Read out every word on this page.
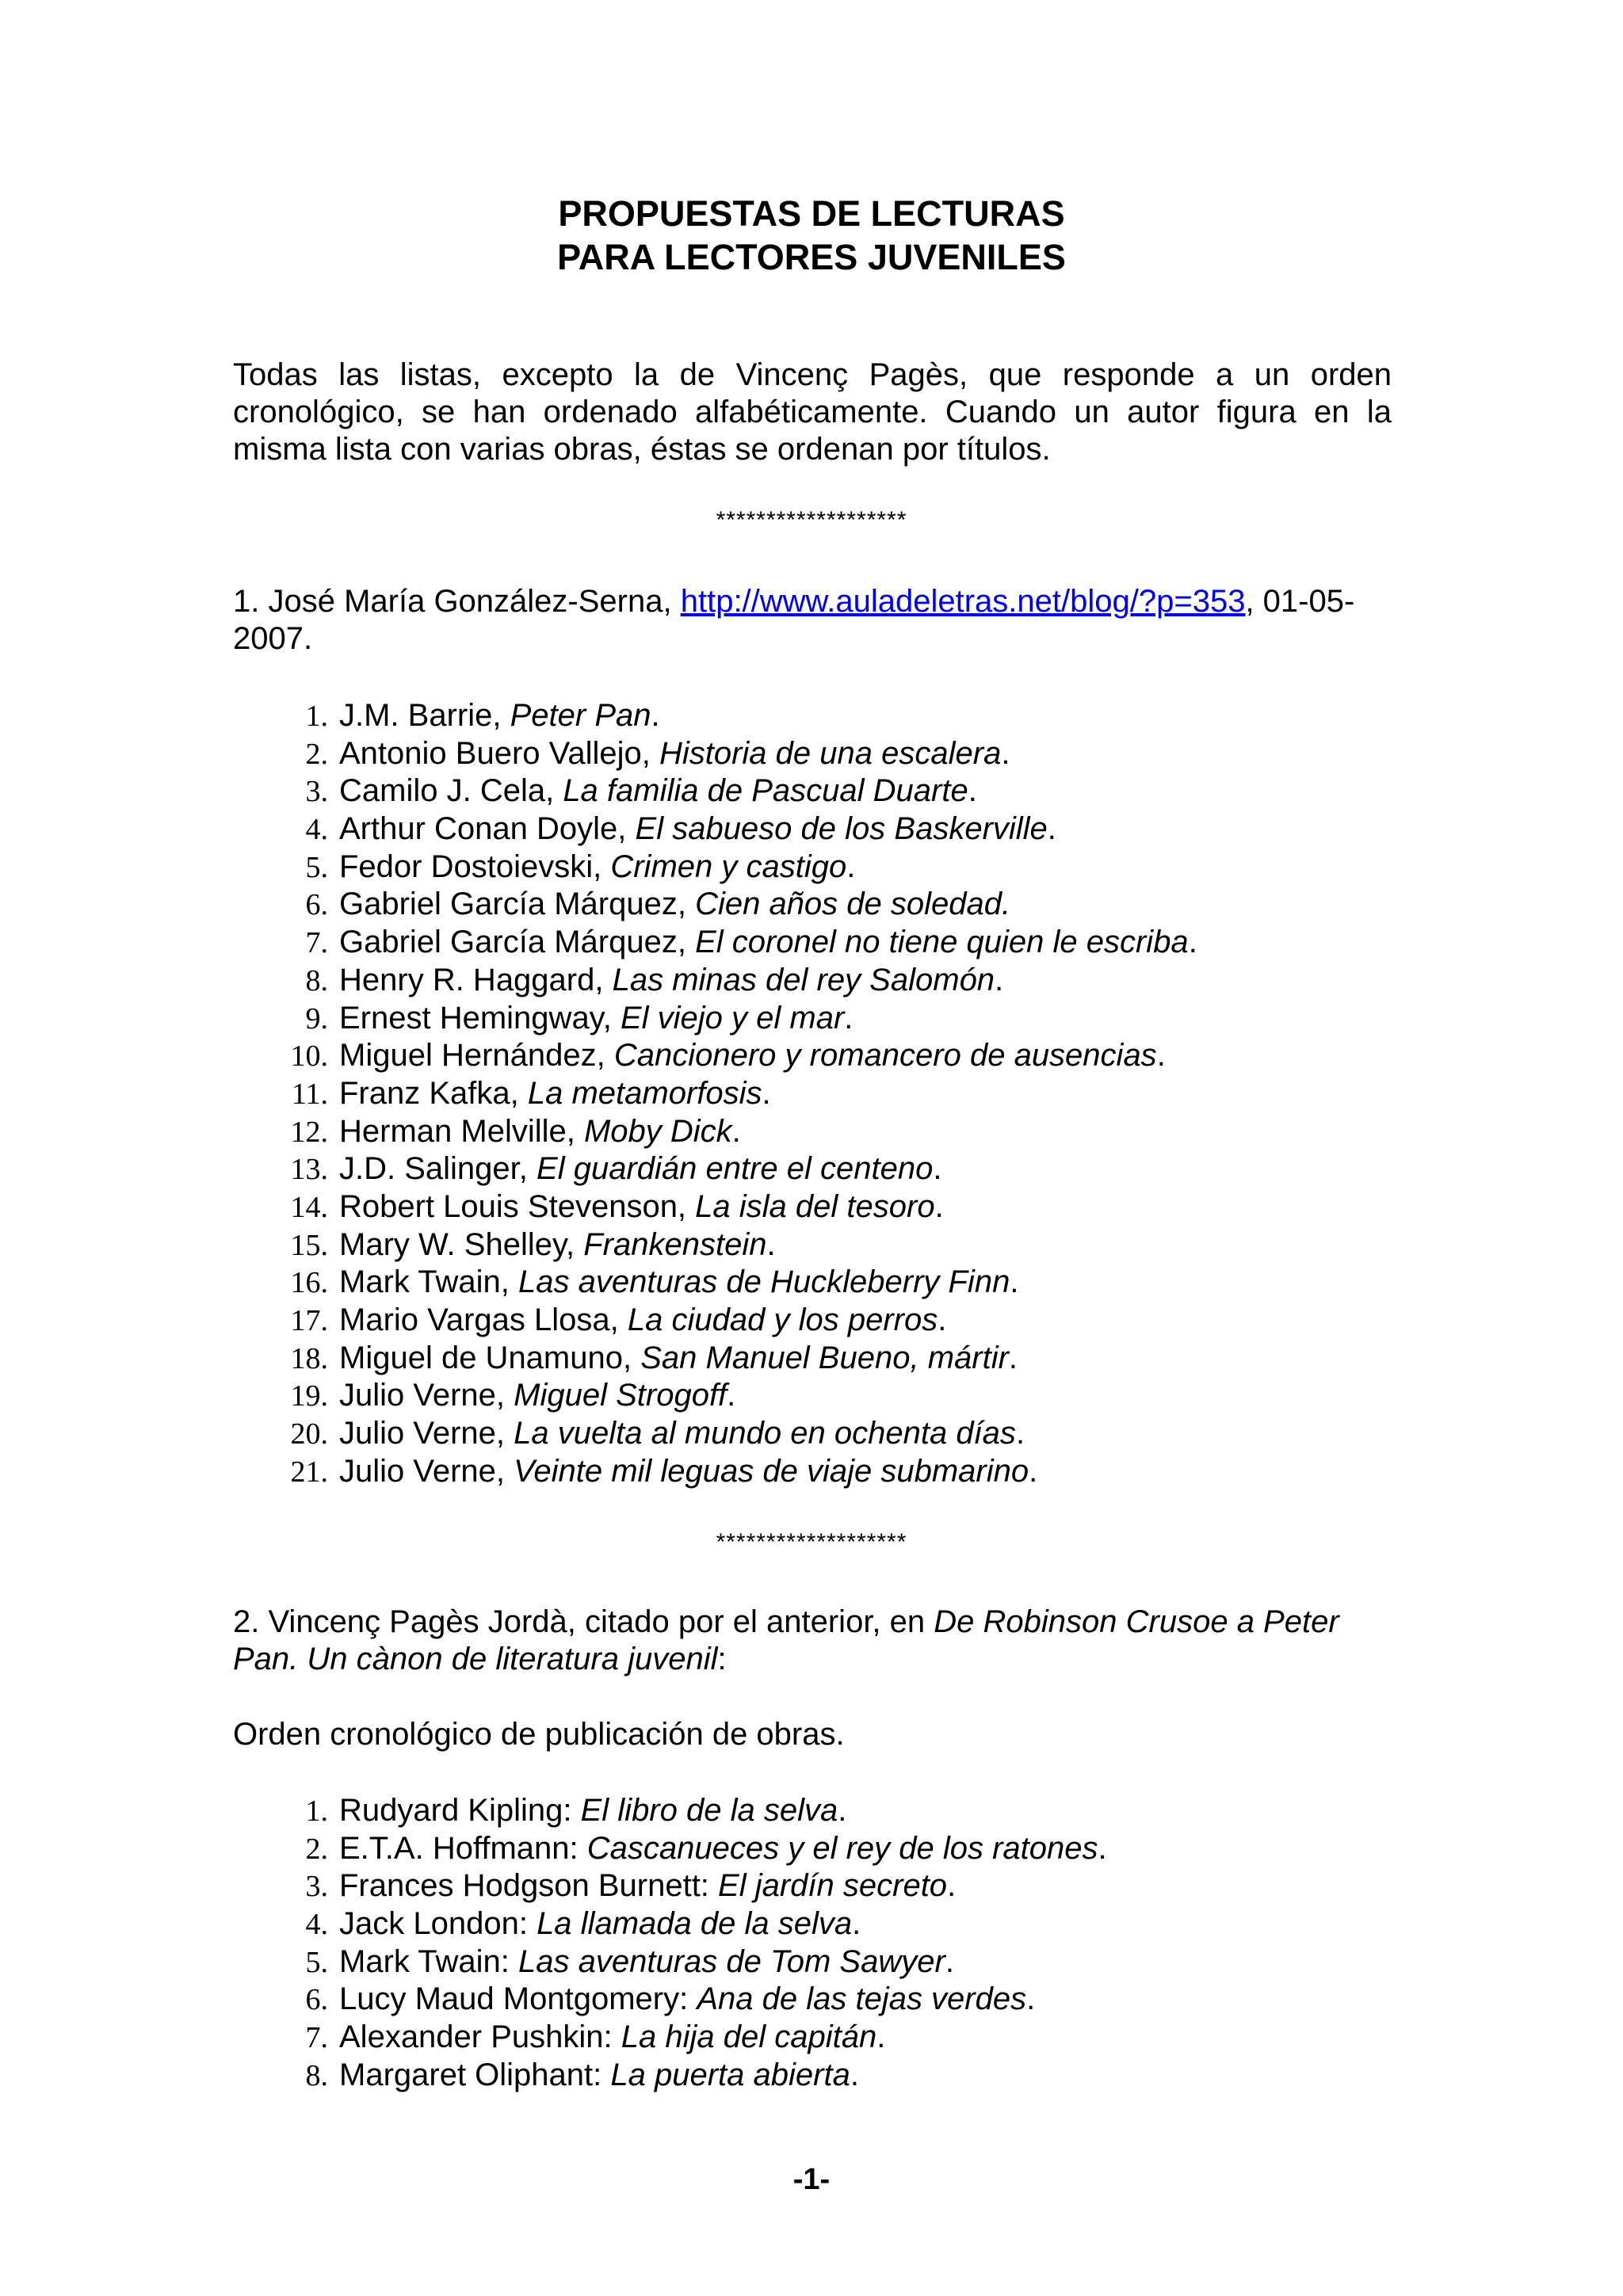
PROPUESTAS DE LECTURAS
PARA LECTORES JUVENILES
Todas las listas, excepto la de Vincenç Pagès, que responde a un orden cronológico, se han ordenado alfabéticamente. Cuando un autor figura en la misma lista con varias obras, éstas se ordenan por títulos.
*******************
1. José María González-Serna, http://www.auladeletras.net/blog/?p=353, 01-05-2007.
1. J.M. Barrie, Peter Pan.
2. Antonio Buero Vallejo, Historia de una escalera.
3. Camilo J. Cela, La familia de Pascual Duarte.
4. Arthur Conan Doyle, El sabueso de los Baskerville.
5. Fedor Dostoievski, Crimen y castigo.
6. Gabriel García Márquez, Cien años de soledad.
7. Gabriel García Márquez, El coronel no tiene quien le escriba.
8. Henry R. Haggard, Las minas del rey Salomón.
9. Ernest Hemingway, El viejo y el mar.
10. Miguel Hernández, Cancionero y romancero de ausencias.
11. Franz Kafka, La metamorfosis.
12. Herman Melville, Moby Dick.
13. J.D. Salinger, El guardián entre el centeno.
14. Robert Louis Stevenson, La isla del tesoro.
15. Mary W. Shelley, Frankenstein.
16. Mark Twain, Las aventuras de Huckleberry Finn.
17. Mario Vargas Llosa, La ciudad y los perros.
18. Miguel de Unamuno, San Manuel Bueno, mártir.
19. Julio Verne, Miguel Strogoff.
20. Julio Verne, La vuelta al mundo en ochenta días.
21. Julio Verne, Veinte mil leguas de viaje submarino.
*******************
2. Vincenç Pagès Jordà, citado por el anterior, en De Robinson Crusoe a Peter Pan. Un cànon de literatura juvenil:
Orden cronológico de publicación de obras.
1. Rudyard Kipling: El libro de la selva.
2. E.T.A. Hoffmann: Cascanueces y el rey de los ratones.
3. Frances Hodgson Burnett: El jardín secreto.
4. Jack London: La llamada de la selva.
5. Mark Twain: Las aventuras de Tom Sawyer.
6. Lucy Maud Montgomery: Ana de las tejas verdes.
7. Alexander Pushkin: La hija del capitán.
8. Margaret Oliphant: La puerta abierta.
-1-
